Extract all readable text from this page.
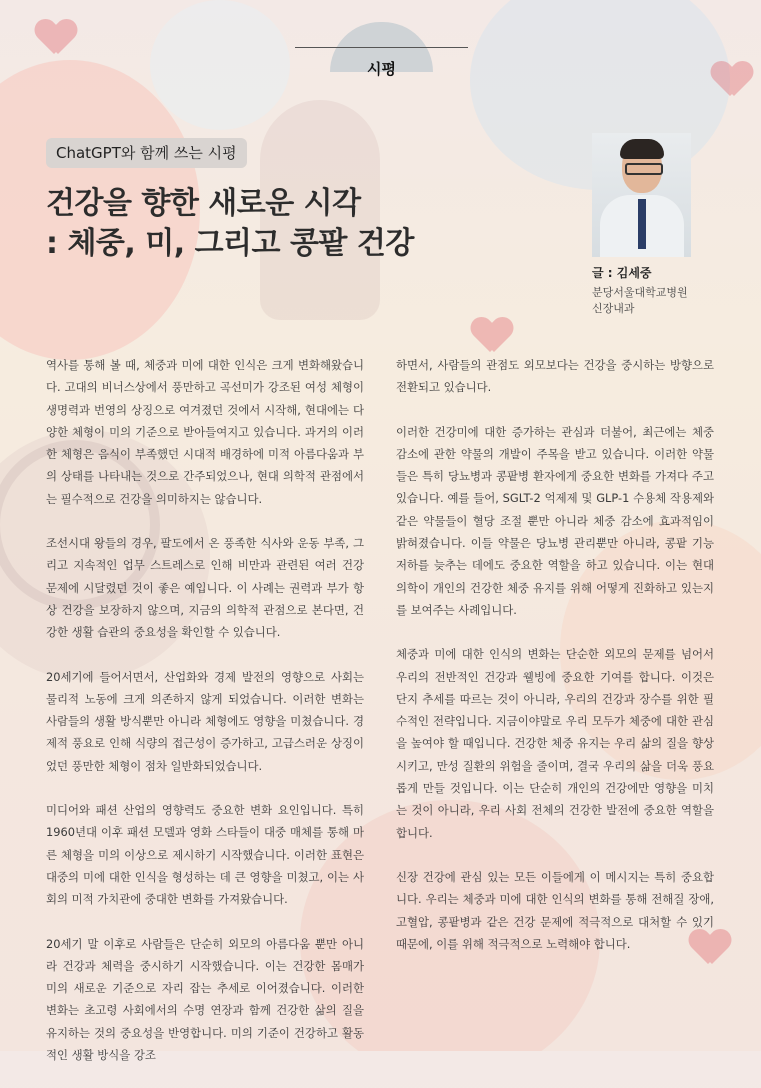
시평
ChatGPT와 함께 쓰는 시평
건강을 향한 새로운 시각
: 체중, 미, 그리고 콩팥 건강
글 : 김세중
분당서울대학교병원
신장내과

역사를 통해 볼 때, 체중과 미에 대한 인식은 크게 변화해왔습니다. 고대의 비너스상에서 풍만하고 곡선미가 강조된 여성 체형이 생명력과 번영의 상징으로 여겨졌던 것에서 시작해, 현대에는 다양한 체형이 미의 기준으로 받아들여지고 있습니다. 과거의 이러한 체형은 음식이 부족했던 시대적 배경하에 미적 아름다움과 부의 상태를 나타내는 것으로 간주되었으나, 현대 의학적 관점에서는 필수적으로 건강을 의미하지는 않습니다.

조선시대 왕들의 경우, 팔도에서 온 풍족한 식사와 운동 부족, 그리고 지속적인 업무 스트레스로 인해 비만과 관련된 여러 건강 문제에 시달렸던 것이 좋은 예입니다. 이 사례는 권력과 부가 항상 건강을 보장하지 않으며, 지금의 의학적 관점으로 본다면, 건강한 생활 습관의 중요성을 확인할 수 있습니다.

20세기에 들어서면서, 산업화와 경제 발전의 영향으로 사회는 물리적 노동에 크게 의존하지 않게 되었습니다. 이러한 변화는 사람들의 생활 방식뿐만 아니라 체형에도 영향을 미쳤습니다. 경제적 풍요로 인해 식량의 접근성이 증가하고, 고급스러운 상징이었던 풍만한 체형이 점차 일반화되었습니다.

미디어와 패션 산업의 영향력도 중요한 변화 요인입니다. 특히 1960년대 이후 패션 모델과 영화 스타들이 대중 매체를 통해 마른 체형을 미의 이상으로 제시하기 시작했습니다. 이러한 표현은 대중의 미에 대한 인식을 형성하는 데 큰 영향을 미쳤고, 이는 사회의 미적 가치관에 중대한 변화를 가져왔습니다.

20세기 말 이후로 사람들은 단순히 외모의 아름다움 뿐만 아니라 건강과 체력을 중시하기 시작했습니다. 이는 건강한 몸매가 미의 새로운 기준으로 자리 잡는 추세로 이어졌습니다. 이러한 변화는 초고령 사회에서의 수명 연장과 함께 건강한 삶의 질을 유지하는 것의 중요성을 반영합니다. 미의 기준이 건강하고 활동적인 생활 방식을 강조

하면서, 사람들의 관점도 외모보다는 건강을 중시하는 방향으로 전환되고 있습니다.

이러한 건강미에 대한 증가하는 관심과 더불어, 최근에는 체중 감소에 관한 약물의 개발이 주목을 받고 있습니다. 이러한 약물들은 특히 당뇨병과 콩팥병 환자에게 중요한 변화를 가져다 주고 있습니다. 예를 들어, SGLT-2 억제제 및 GLP-1 수용체 작용제와 같은 약물들이 혈당 조절 뿐만 아니라 체중 감소에 효과적임이 밝혀졌습니다. 이들 약물은 당뇨병 관리뿐만 아니라, 콩팥 기능 저하를 늦추는 데에도 중요한 역할을 하고 있습니다. 이는 현대 의학이 개인의 건강한 체중 유지를 위해 어떻게 진화하고 있는지를 보여주는 사례입니다.

체중과 미에 대한 인식의 변화는 단순한 외모의 문제를 넘어서 우리의 전반적인 건강과 웰빙에 중요한 기여를 합니다. 이것은 단지 추세를 따르는 것이 아니라, 우리의 건강과 장수를 위한 필수적인 전략입니다. 지금이야말로 우리 모두가 체중에 대한 관심을 높여야 할 때입니다. 건강한 체중 유지는 우리 삶의 질을 향상시키고, 만성 질환의 위험을 줄이며, 결국 우리의 삶을 더욱 풍요롭게 만들 것입니다. 이는 단순히 개인의 건강에만 영향을 미치는 것이 아니라, 우리 사회 전체의 건강한 발전에 중요한 역할을 합니다.

신장 건강에 관심 있는 모든 이들에게 이 메시지는 특히 중요합니다. 우리는 체중과 미에 대한 인식의 변화를 통해 전해질 장애, 고혈압, 콩팥병과 같은 건강 문제에 적극적으로 대처할 수 있기 때문에, 이를 위해 적극적으로 노력해야 합니다.
